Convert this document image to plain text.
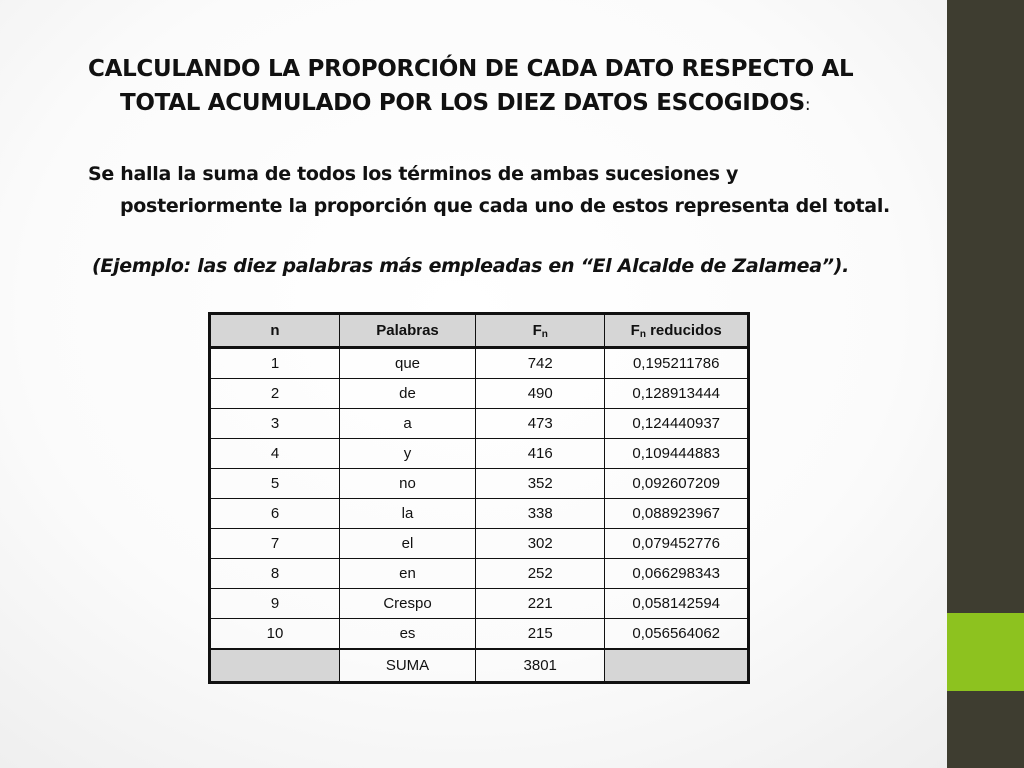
CALCULANDO LA PROPORCIÓN DE CADA DATO RESPECTO AL
TOTAL ACUMULADO POR LOS DIEZ DATOS ESCOGIDOS:

Se halla la suma de todos los términos de ambas sucesiones y
posteriormente la proporción que cada uno de estos representa del total.

(Ejemplo: las diez palabras más empleadas en “El Alcalde de Zalamea”).

n	Palabras	$F_n$	$F_n$ reducidos
1	que	742	0,195211786
2	de	490	0,128913444
3	a	473	0,124440937
4	y	416	0,109444883
5	no	352	0,092607209
6	la	338	0,088923967
7	el	302	0,079452776
8	en	252	0,066298343
9	Crespo	221	0,058142594
10	es	215	0,056564062
	SUMA	3801	
